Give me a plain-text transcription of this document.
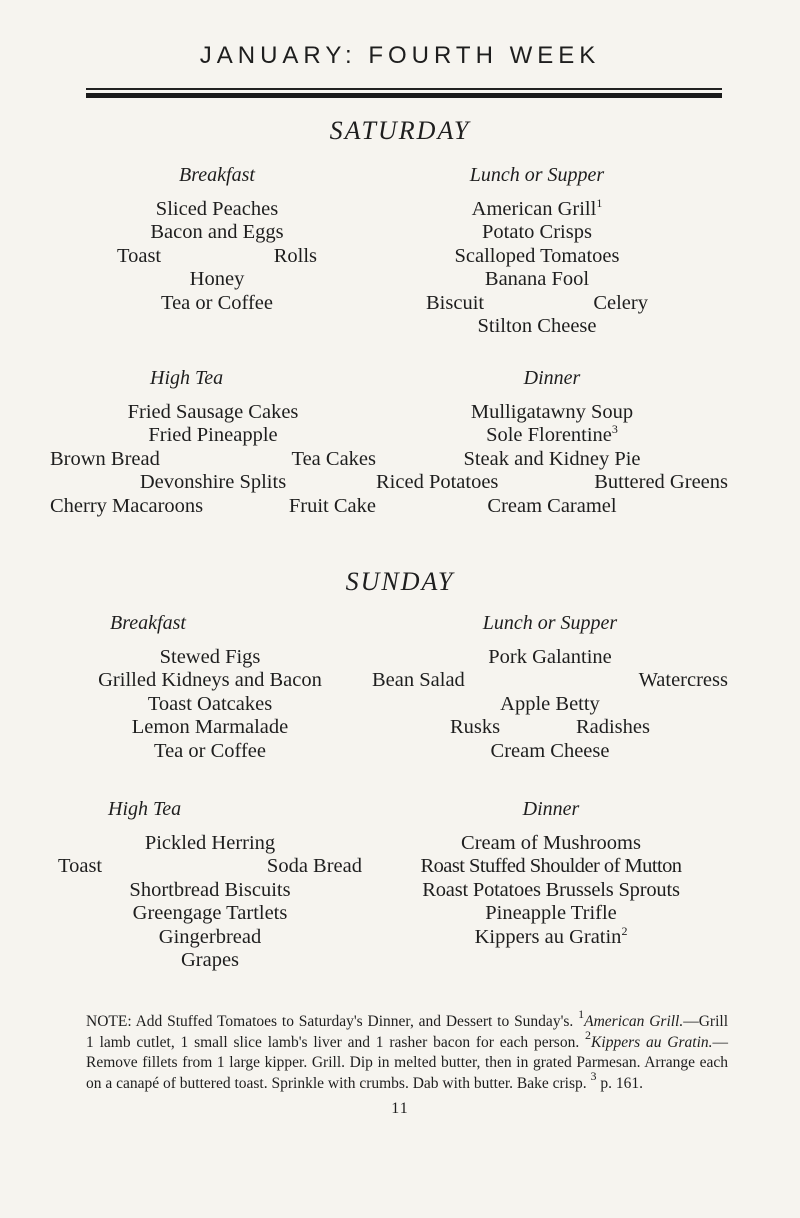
JANUARY: FOURTH WEEK
SATURDAY
Breakfast
Sliced Peaches
Bacon and Eggs
Toast	Rolls
Honey
Tea or Coffee
Lunch or Supper
American Grill$^1$
Potato Crisps
Scalloped Tomatoes
Banana Fool
Biscuit	Celery
Stilton Cheese
High Tea
Fried Sausage Cakes
Fried Pineapple
Brown Bread	Tea Cakes
Devonshire Splits
Cherry Macaroons	Fruit Cake
Dinner
Mulligatawny Soup
Sole Florentine$^3$
Steak and Kidney Pie
Riced Potatoes	Buttered Greens
Cream Caramel
SUNDAY
Breakfast
Stewed Figs
Grilled Kidneys and Bacon
Toast Oatcakes
Lemon Marmalade
Tea or Coffee
Lunch or Supper
Pork Galantine
Bean Salad	Watercress
Apple Betty
Rusks	Radishes
Cream Cheese
High Tea
Pickled Herring
Toast	Soda Bread
Shortbread Biscuits
Greengage Tartlets
Gingerbread
Grapes
Dinner
Cream of Mushrooms
Roast Stuffed Shoulder of Mutton
Roast Potatoes Brussels Sprouts
Pineapple Trifle
Kippers au Gratin$^2$
NOTE: Add Stuffed Tomatoes to Saturday's Dinner, and Dessert to Sunday's. $^1$American Grill.—Grill 1 lamb cutlet, 1 small slice lamb's liver and 1 rasher bacon for each person. $^2$Kippers au Gratin.—Remove fillets from 1 large kipper. Grill. Dip in melted butter, then in grated Parmesan. Arrange each on a canapé of buttered toast. Sprinkle with crumbs. Dab with butter. Bake crisp. $^3$ p. 161.
11
